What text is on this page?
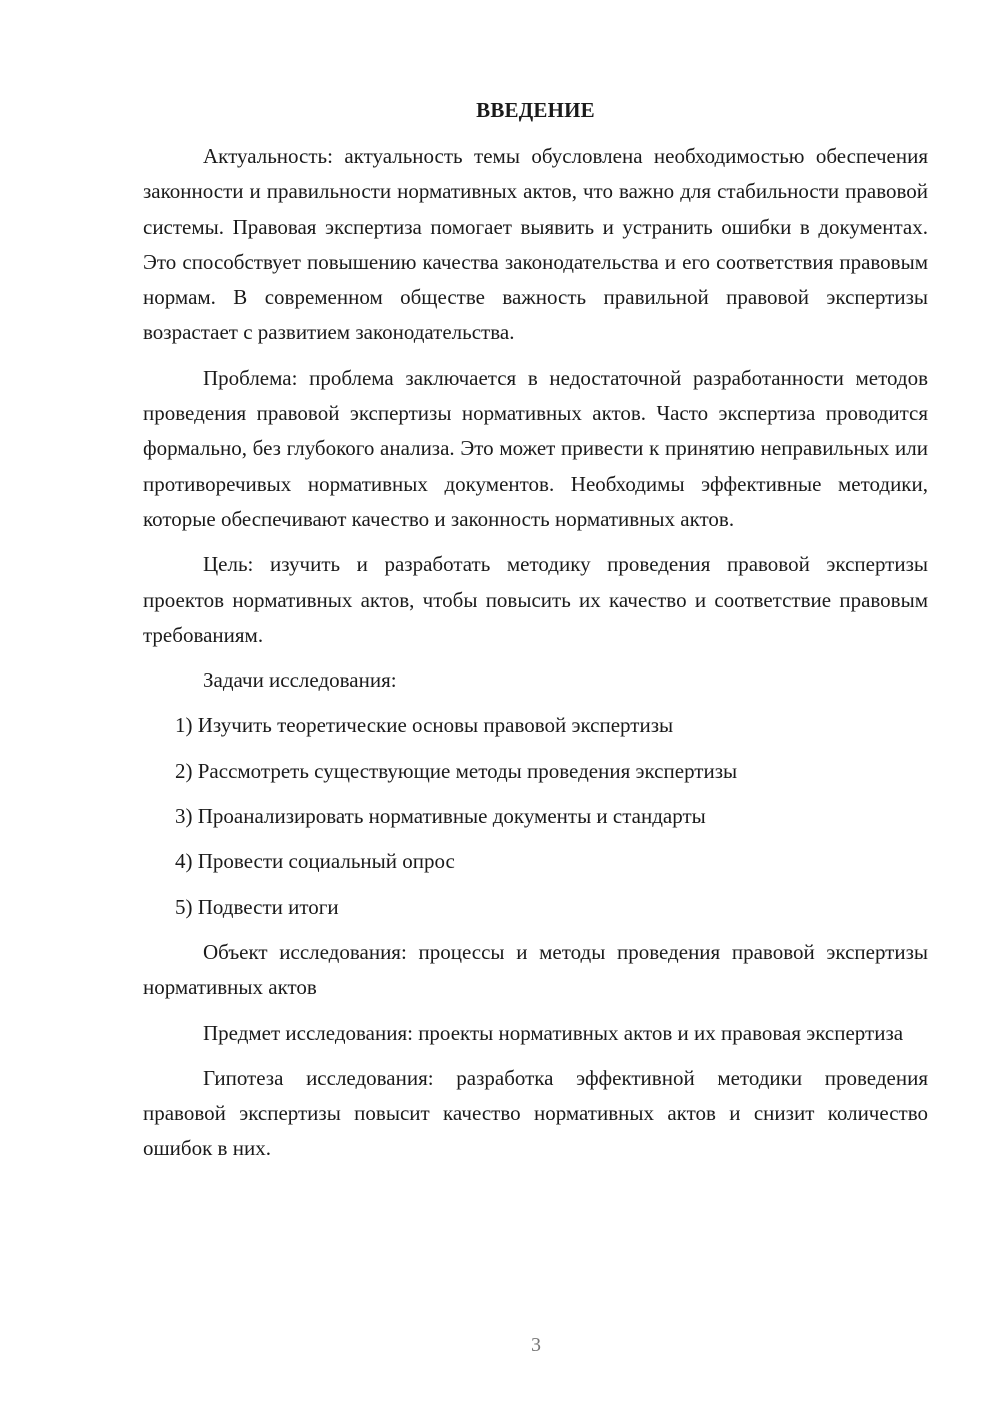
ВВЕДЕНИЕ

Актуальность: актуальность темы обусловлена необходимостью обеспечения законности и правильности нормативных актов, что важно для стабильности правовой системы. Правовая экспертиза помогает выявить и устранить ошибки в документах. Это способствует повышению качества законодательства и его соответствия правовым нормам. В современном обществе важность правильной правовой экспертизы возрастает с развитием законодательства.

Проблема: проблема заключается в недостаточной разработанности методов проведения правовой экспертизы нормативных актов. Часто экспертиза проводится формально, без глубокого анализа. Это может привести к принятию неправильных или противоречивых нормативных документов. Необходимы эффективные методики, которые обеспечивают качество и законность нормативных актов.

Цель: изучить и разработать методику проведения правовой экспертизы проектов нормативных актов, чтобы повысить их качество и соответствие правовым требованиям.

Задачи исследования:

1) Изучить теоретические основы правовой экспертизы
2) Рассмотреть существующие методы проведения экспертизы
3) Проанализировать нормативные документы и стандарты
4) Провести социальный опрос
5) Подвести итоги

Объект исследования: процессы и методы проведения правовой экспертизы нормативных актов

Предмет исследования: проекты нормативных актов и их правовая экспертиза

Гипотеза исследования: разработка эффективной методики проведения правовой экспертизы повысит качество нормативных актов и снизит количество ошибок в них.

3
